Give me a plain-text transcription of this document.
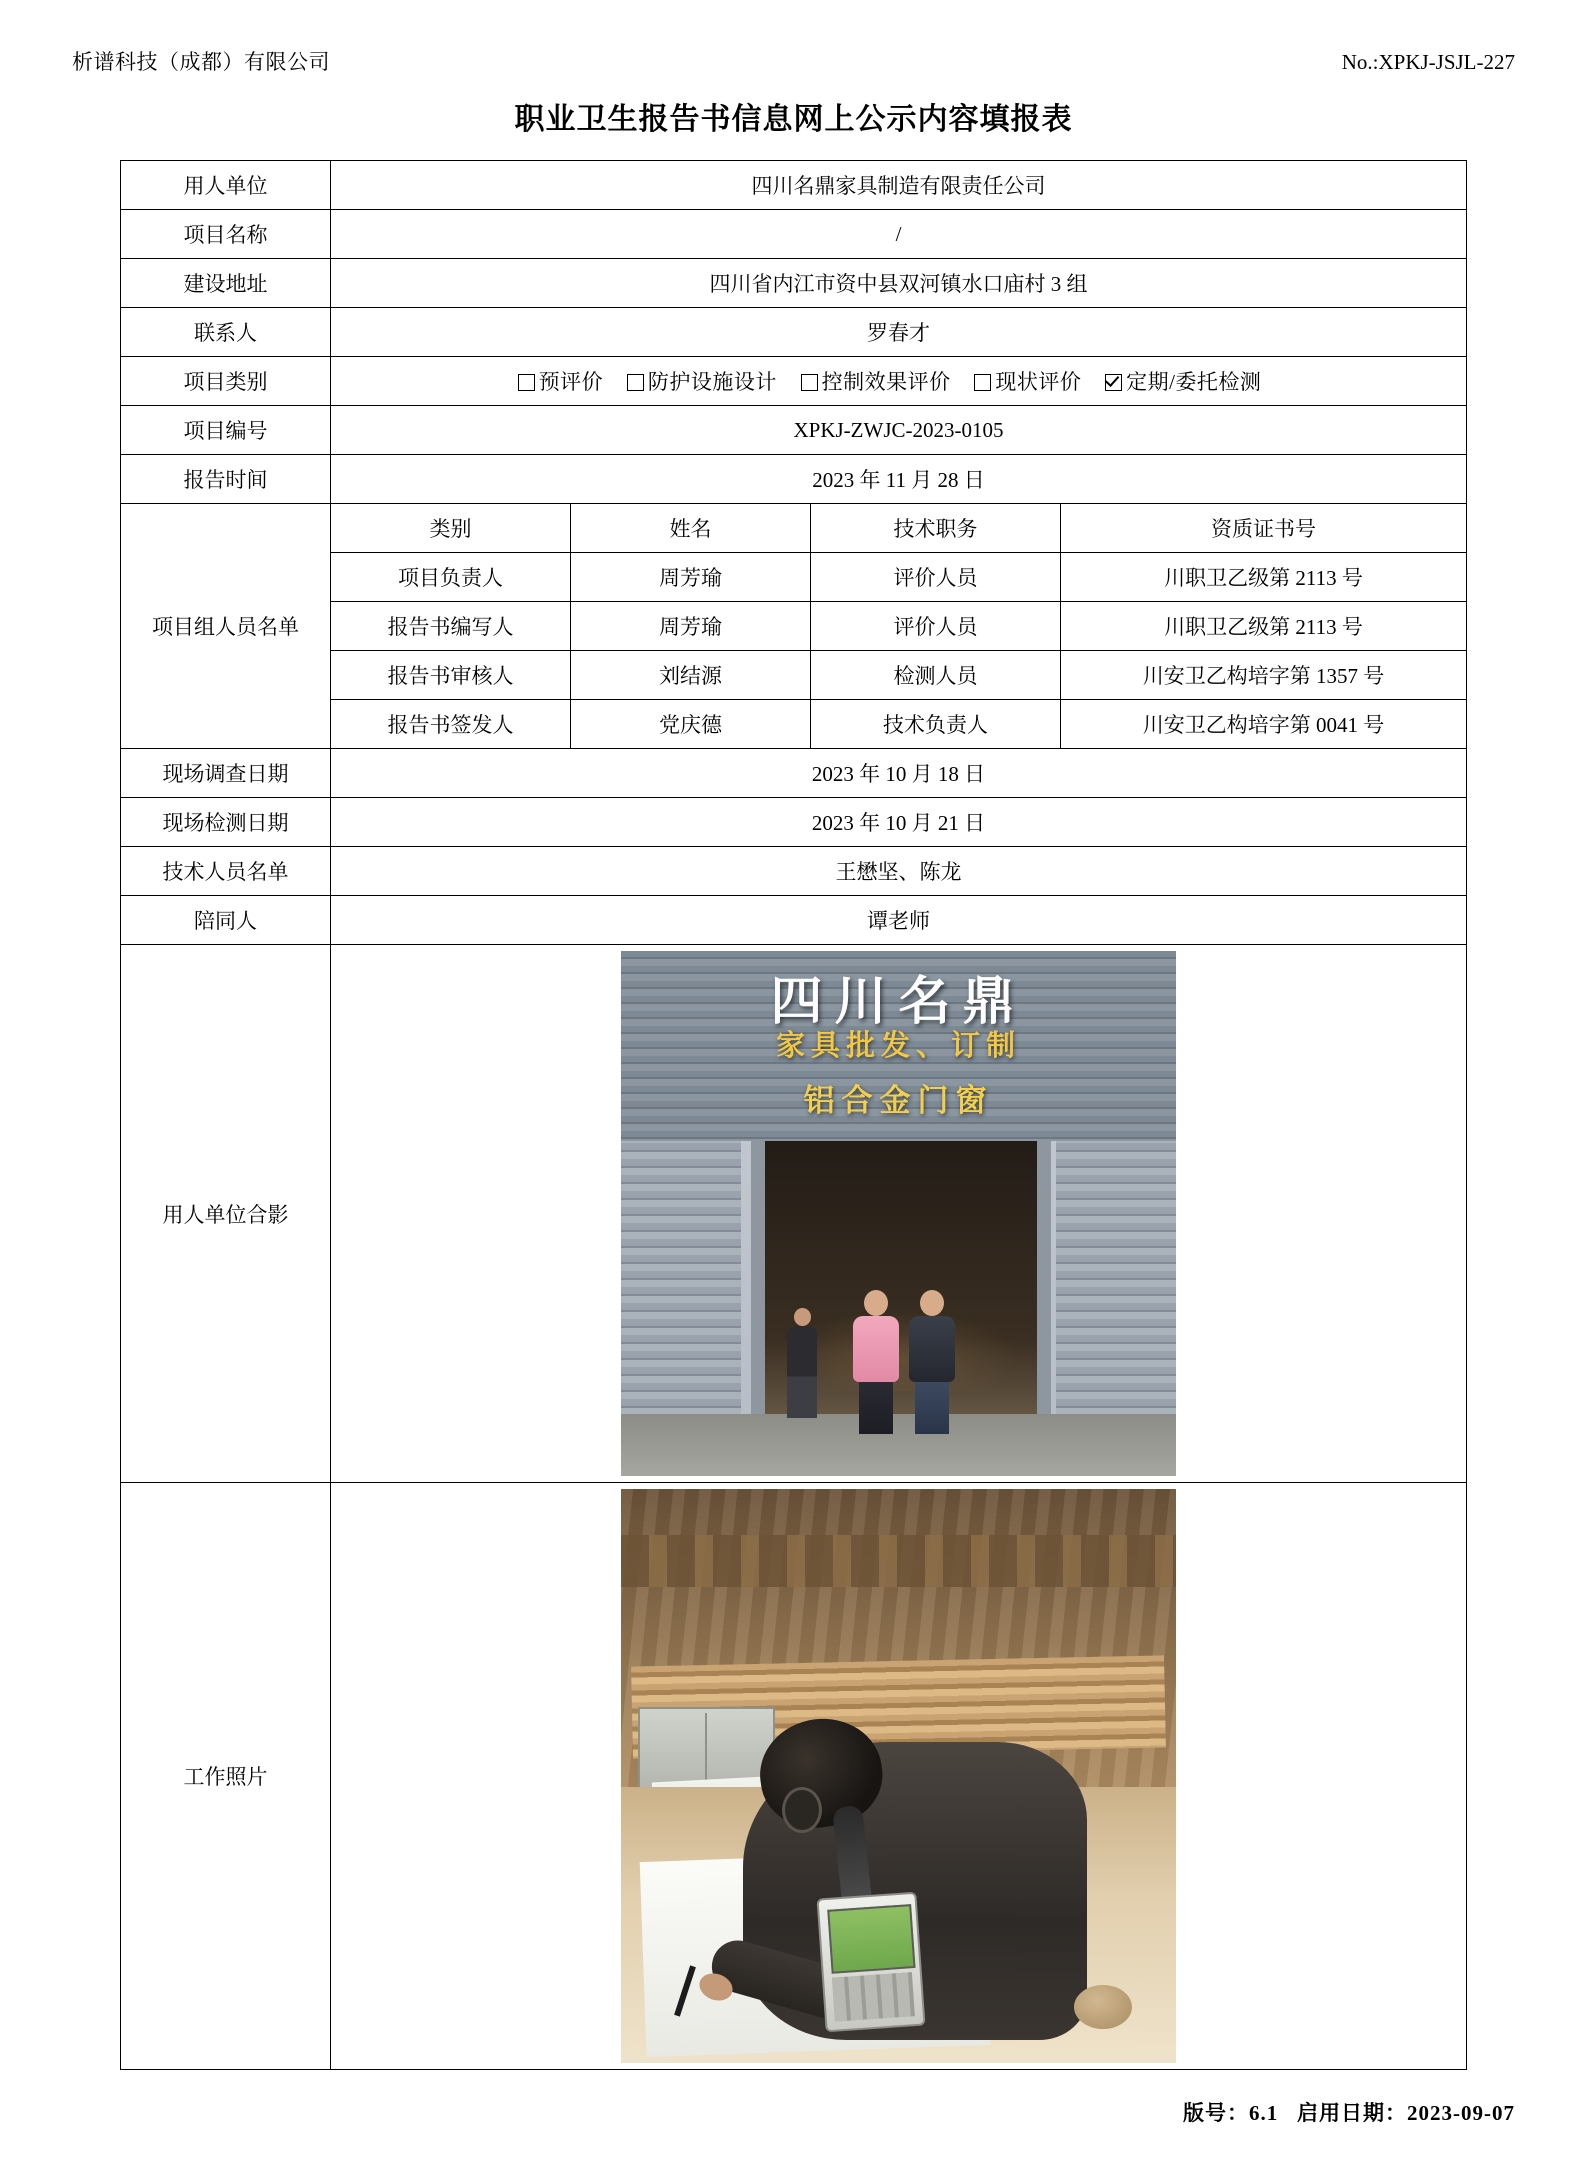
析谱科技（成都）有限公司	No.:XPKJ-JSJL-227
职业卫生报告书信息网上公示内容填报表
用人单位	四川名鼎家具制造有限责任公司			
项目名称	/			
建设地址	四川省内江市资中县双河镇水口庙村 3 组			
联系人	罗春才			
项目类别	预评价 防护设施设计 控制效果评价 现状评价 定期/委托检测			
项目编号	XPKJ-ZWJC-2023-0105			
报告时间	2023 年 11 月 28 日			
项目组人员名单	类别	姓名	技术职务	资质证书号
	项目负责人	周芳瑜	评价人员	川职卫乙级第 2113 号
	报告书编写人	周芳瑜	评价人员	川职卫乙级第 2113 号
	报告书审核人	刘结源	检测人员	川安卫乙构培字第 1357 号
	报告书签发人	党庆德	技术负责人	川安卫乙构培字第 0041 号
现场调查日期	2023 年 10 月 18 日			
现场检测日期	2023 年 10 月 21 日			
技术人员名单	王懋坚、陈龙			
陪同人	谭老师			
用人单位合影	四川名鼎
家具批发、订制
铝合金门窗			

工作照片				
版号：6.1 启用日期：2023-09-07
